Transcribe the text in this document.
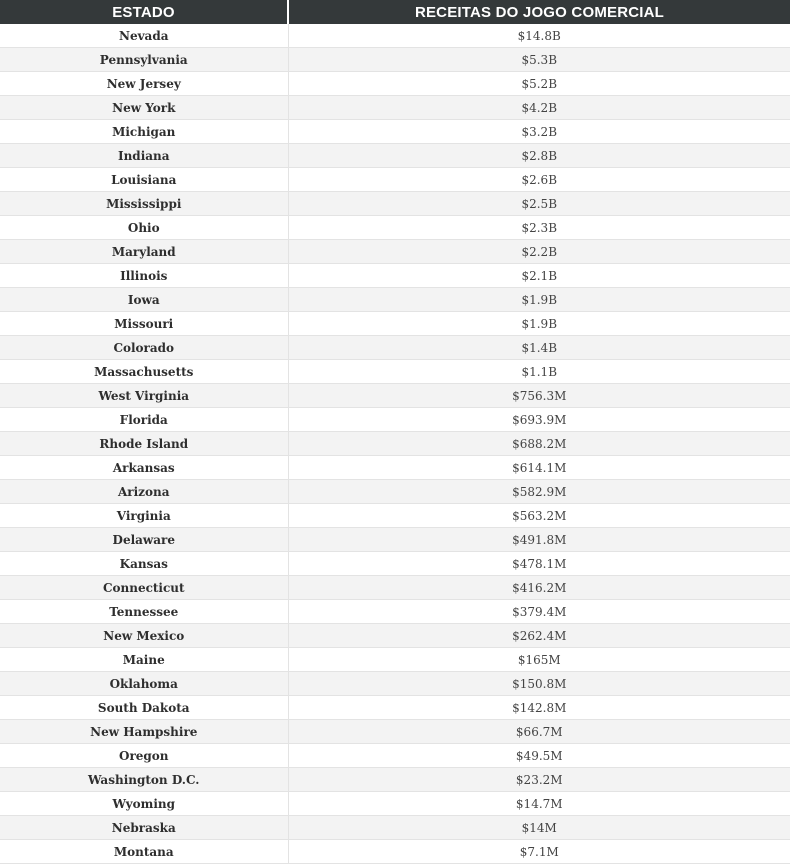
ESTADO	RECEITAS DO JOGO COMERCIAL
Nevada	$14.8B
Pennsylvania	$5.3B
New Jersey	$5.2B
New York	$4.2B
Michigan	$3.2B
Indiana	$2.8B
Louisiana	$2.6B
Mississippi	$2.5B
Ohio	$2.3B
Maryland	$2.2B
Illinois	$2.1B
Iowa	$1.9B
Missouri	$1.9B
Colorado	$1.4B
Massachusetts	$1.1B
West Virginia	$756.3M
Florida	$693.9M
Rhode Island	$688.2M
Arkansas	$614.1M
Arizona	$582.9M
Virginia	$563.2M
Delaware	$491.8M
Kansas	$478.1M
Connecticut	$416.2M
Tennessee	$379.4M
New Mexico	$262.4M
Maine	$165M
Oklahoma	$150.8M
South Dakota	$142.8M
New Hampshire	$66.7M
Oregon	$49.5M
Washington D.C.	$23.2M
Wyoming	$14.7M
Nebraska	$14M
Montana	$7.1M
